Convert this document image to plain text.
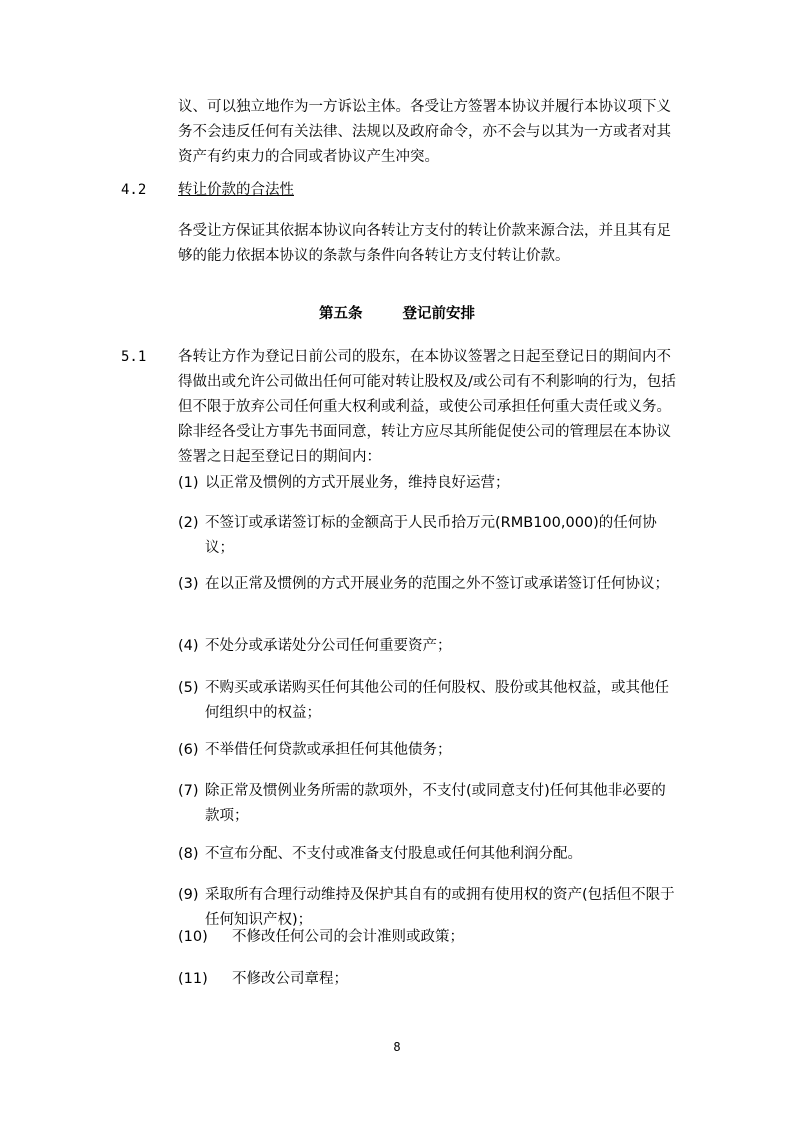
议、可以独立地作为一方诉讼主体。各受让方签署本协议并履行本协议项下义务不会违反任何有关法律、法规以及政府命令，亦不会与以其为一方或者对其资产有约束力的合同或者协议产生冲突。

4.2 转让价款的合法性

各受让方保证其依据本协议向各转让方支付的转让价款来源合法，并且其有足够的能力依据本协议的条款与条件向各转让方支付转让价款。

第五条	登记前安排
5.1 各转让方作为登记日前公司的股东，在本协议签署之日起至登记日的期间内不得做出或允许公司做出任何可能对转让股权及/或公司有不利影响的行为，包括但不限于放弃公司任何重大权利或利益，或使公司承担任何重大责任或义务。除非经各受让方事先书面同意，转让方应尽其所能促使公司的管理层在本协议签署之日起至登记日的期间内：

(1) 以正常及惯例的方式开展业务，维持良好运营；
(2) 不签订或承诺签订标的金额高于人民币拾万元(RMB100,000)的任何协议；
(3) 在以正常及惯例的方式开展业务的范围之外不签订或承诺签订任何协议；
(4) 不处分或承诺处分公司任何重要资产；
(5) 不购买或承诺购买任何其他公司的任何股权、股份或其他权益，或其他任何组织中的权益；
(6) 不举借任何贷款或承担任何其他债务；
(7) 除正常及惯例业务所需的款项外，不支付(或同意支付)任何其他非必要的款项；
(8) 不宣布分配、不支付或准备支付股息或任何其他利润分配。
(9) 采取所有合理行动维持及保护其自有的或拥有使用权的资产(包括但不限于任何知识产权)；
(10)	不修改任何公司的会计准则或政策；
(11)	不修改公司章程；
8
